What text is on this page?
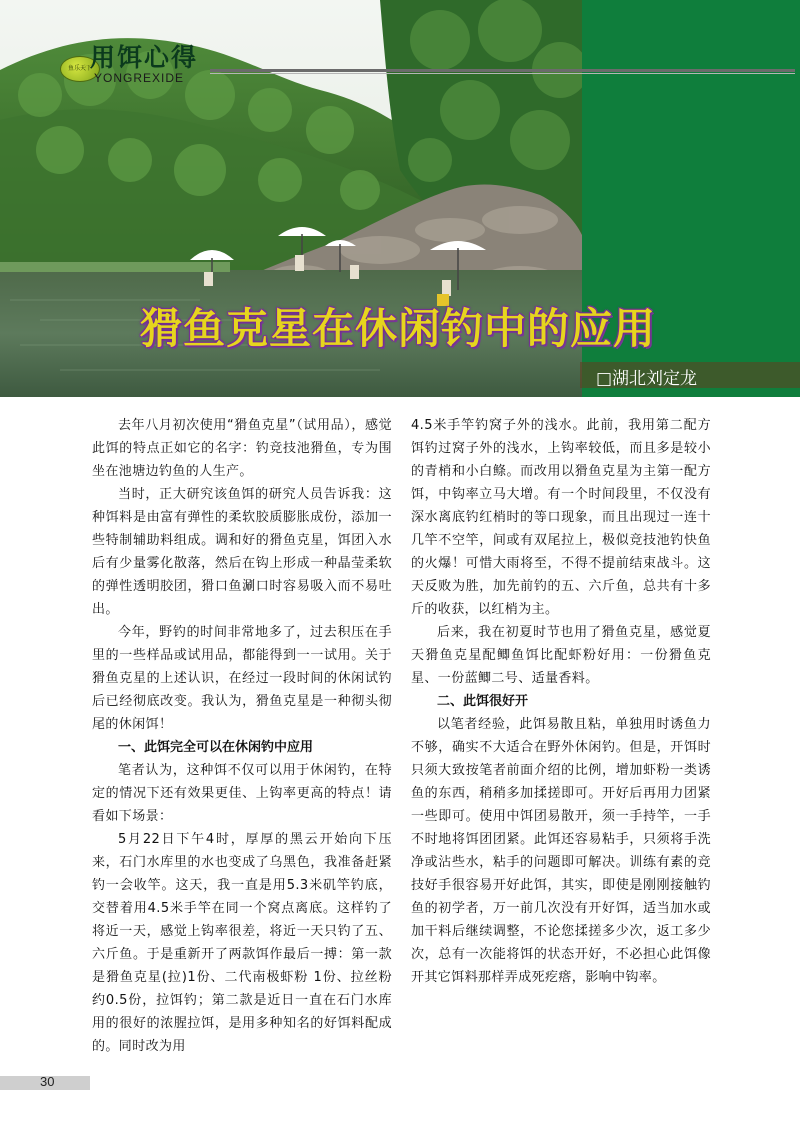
鱼乐天下
用饵心得
YONGREXIDE
猾鱼克星在休闲钓中的应用
□湖北刘定龙

去年八月初次使用“猾鱼克星”（试用品），感觉此饵的特点正如它的名字：钓竞技池猾鱼，专为围坐在池塘边钓鱼的人生产。

当时，正大研究该鱼饵的研究人员告诉我：这种饵料是由富有弹性的柔软胶质膨胀成份，添加一些特制辅助料组成。调和好的猾鱼克星，饵团入水后有少量雾化散落，然后在钩上形成一种晶莹柔软的弹性透明胶团，猾口鱼涮口时容易吸入而不易吐出。

今年，野钓的时间非常地多了，过去积压在手里的一些样品或试用品，都能得到一一试用。关于猾鱼克星的上述认识，在经过一段时间的休闲试钓后已经彻底改变。我认为，猾鱼克星是一种彻头彻尾的休闲饵！

一、此饵完全可以在休闲钓中应用

笔者认为，这种饵不仅可以用于休闲钓，在特定的情况下还有效果更佳、上钩率更高的特点！请看如下场景：

5月22日下午4时，厚厚的黑云开始向下压来，石门水库里的水也变成了乌黑色，我准备赶紧钓一会收竿。这天，我一直是用5.3米矶竿钓底，交替着用4.5米手竿在同一个窝点离底。这样钓了将近一天，感觉上钩率很差，将近一天只钓了五、六斤鱼。于是重新开了两款饵作最后一搏：第一款是猾鱼克星(拉)1份、二代南极虾粉 1份、拉丝粉约0.5份，拉饵钓；第二款是近日一直在石门水库用的很好的浓腥拉饵，是用多种知名的好饵料配成的。同时改为用

4.5米手竿钓窝子外的浅水。此前，我用第二配方饵钓过窝子外的浅水，上钩率较低，而且多是较小的青梢和小白鲦。而改用以猾鱼克星为主第一配方饵，中钩率立马大增。有一个时间段里，不仅没有深水离底钓红梢时的等口现象，而且出现过一连十几竿不空竿，间或有双尾拉上，极似竞技池钓快鱼的火爆！可惜大雨将至，不得不提前结束战斗。这天反败为胜，加先前钓的五、六斤鱼，总共有十多斤的收获，以红梢为主。

后来，我在初夏时节也用了猾鱼克星，感觉夏天猾鱼克星配鲫鱼饵比配虾粉好用：一份猾鱼克星、一份蓝鲫二号、适量香料。

二、此饵很好开

以笔者经验，此饵易散且粘，单独用时诱鱼力不够，确实不大适合在野外休闲钓。但是，开饵时只须大致按笔者前面介绍的比例，增加虾粉一类诱鱼的东西，稍稍多加揉搓即可。开好后再用力团紧一些即可。使用中饵团易散开，须一手持竿，一手不时地将饵团团紧。此饵还容易粘手，只须将手洗净或沾些水，粘手的问题即可解决。训练有素的竞技好手很容易开好此饵，其实，即使是刚刚接触钓鱼的初学者，万一前几次没有开好饵，适当加水或加干料后继续调整，不论您揉搓多少次，返工多少次，总有一次能将饵的状态开好，不必担心此饵像开其它饵料那样弄成死疙瘩，影响中钩率。

30
